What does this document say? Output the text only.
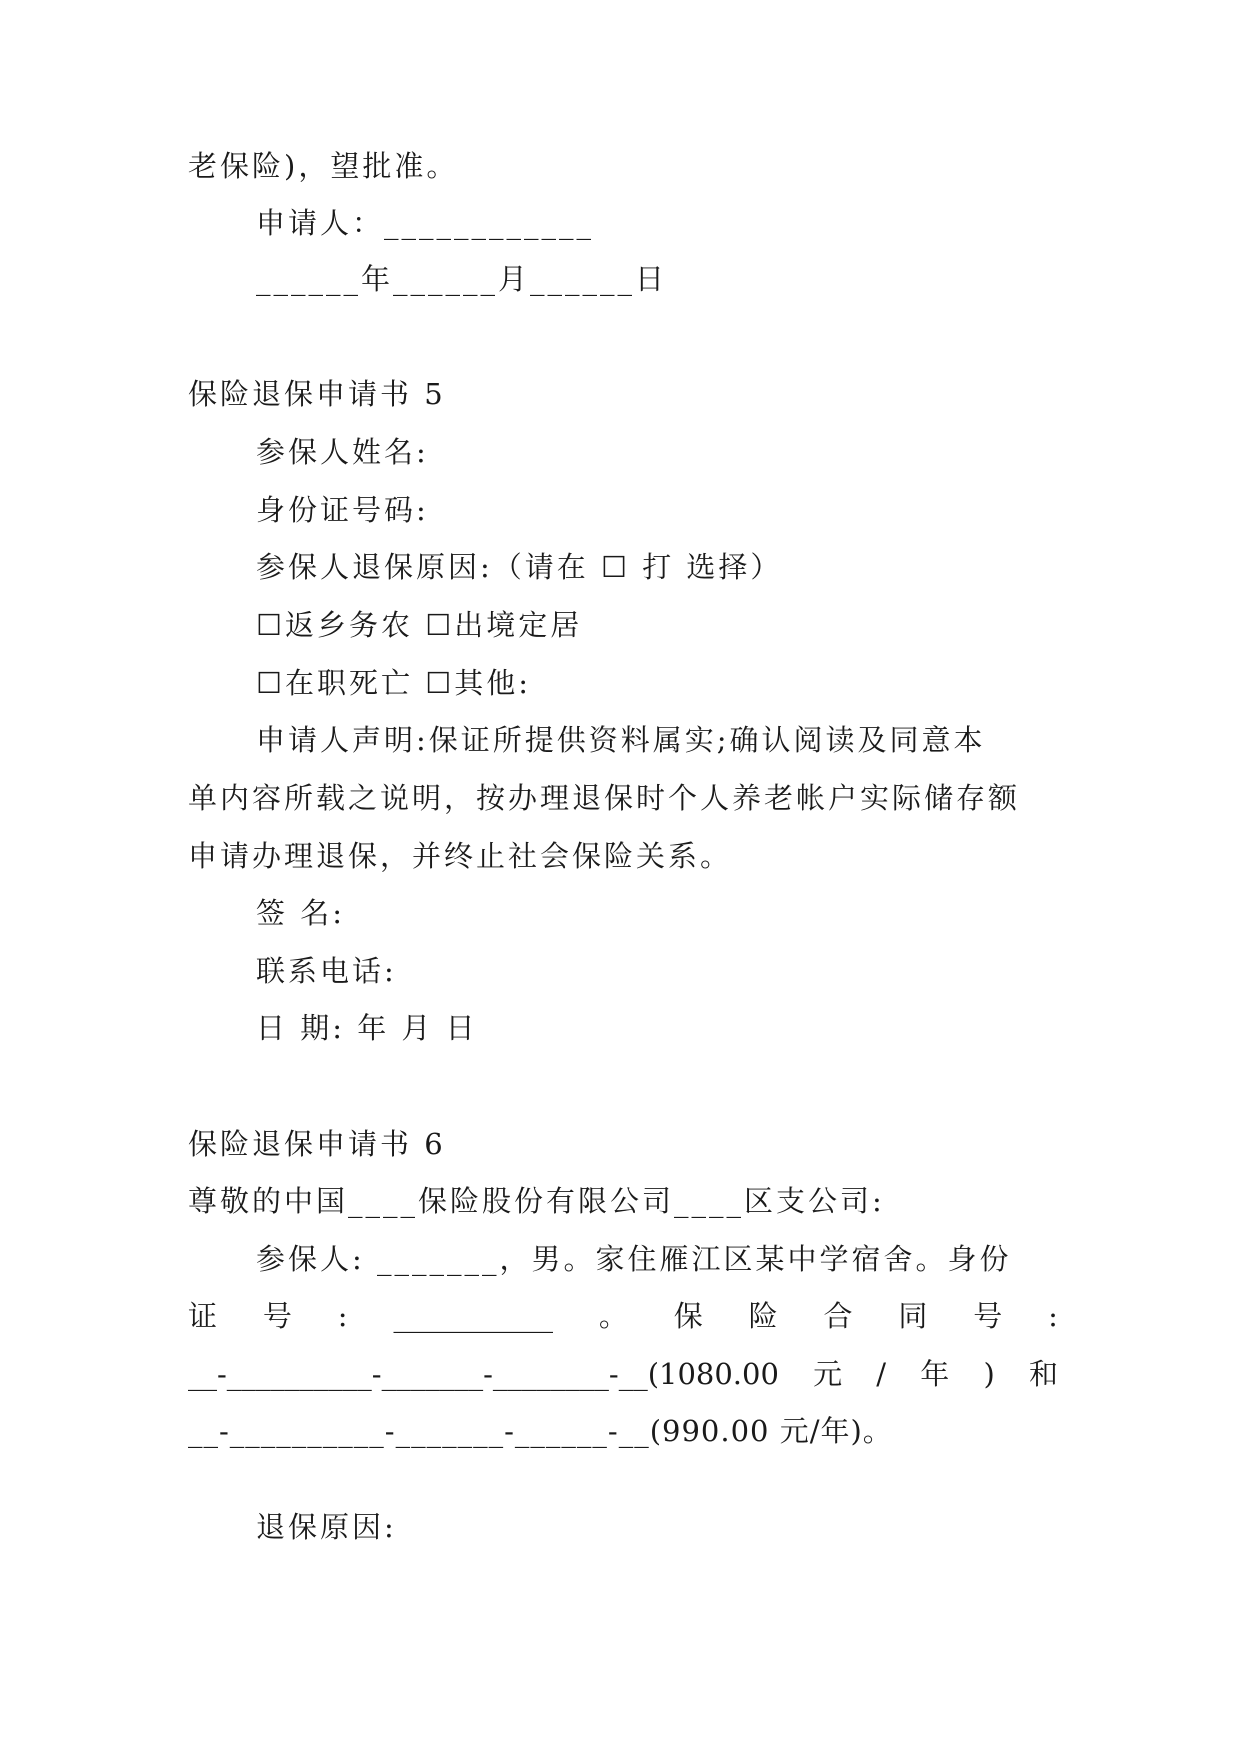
老保险)，望批准。
申请人：____________
______年______月______日
保险退保申请书 5
参保人姓名:
身份证号码:
参保人退保原因:（请在 ☐ 打 选择）
☐返乡务农 ☐出境定居
☐在职死亡 ☐其他:
申请人声明:保证所提供资料属实;确认阅读及同意本
单内容所载之说明，按办理退保时个人养老帐户实际储存额
申请办理退保，并终止社会保险关系。
签 名:
联系电话:
日 期: 年 月 日
保险退保申请书 6
尊敬的中国____保险股份有限公司____区支公司:
参保人: _______，男。家住雁江区某中学宿舍。身份
证 号 : ___________ 。 保 险 合 同 号 :
__-__________-_______-________-__(1080.00 元 / 年 ) 和
__-__________-_______-______-__(990.00 元/年)。
退保原因:
